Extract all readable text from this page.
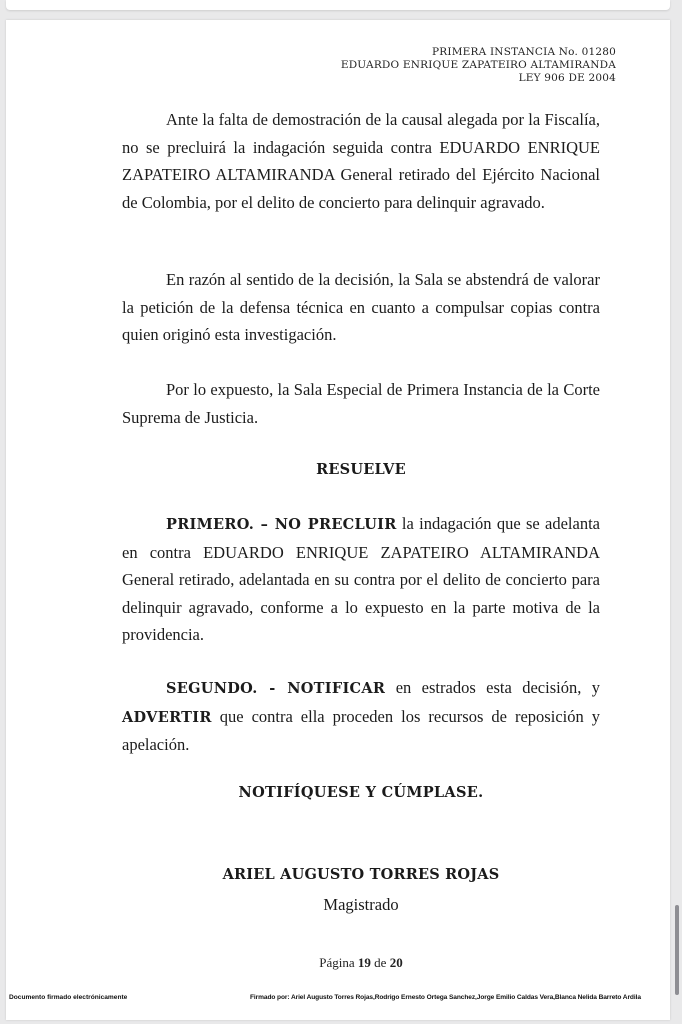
PRIMERA INSTANCIA No. 01280
EDUARDO ENRIQUE ZAPATEIRO ALTAMIRANDA
LEY 906 DE 2004
Ante la falta de demostración de la causal alegada por la Fiscalía, no se precluirá la indagación seguida contra EDUARDO ENRIQUE ZAPATEIRO ALTAMIRANDA General retirado del Ejército Nacional de Colombia, por el delito de concierto para delinquir agravado.
En razón al sentido de la decisión, la Sala se abstendrá de valorar la petición de la defensa técnica en cuanto a compulsar copias contra quien originó esta investigación.
Por lo expuesto, la Sala Especial de Primera Instancia de la Corte Suprema de Justicia.
RESUELVE
PRIMERO. – NO PRECLUIR la indagación que se adelanta en contra EDUARDO ENRIQUE ZAPATEIRO ALTAMIRANDA General retirado, adelantada en su contra por el delito de concierto para delinquir agravado, conforme a lo expuesto en la parte motiva de la providencia.
SEGUNDO. - NOTIFICAR en estrados esta decisión, y ADVERTIR que contra ella proceden los recursos de reposición y apelación.
NOTIFÍQUESE Y CÚMPLASE.
ARIEL AUGUSTO TORRES ROJAS
Magistrado
Página 19 de 20
Documento firmado electrónicamente	Firmado por: Ariel Augusto Torres Rojas,Rodrigo Ernesto Ortega Sanchez,Jorge Emilio Caldas Vera,Blanca Nelida Barreto Ardila
